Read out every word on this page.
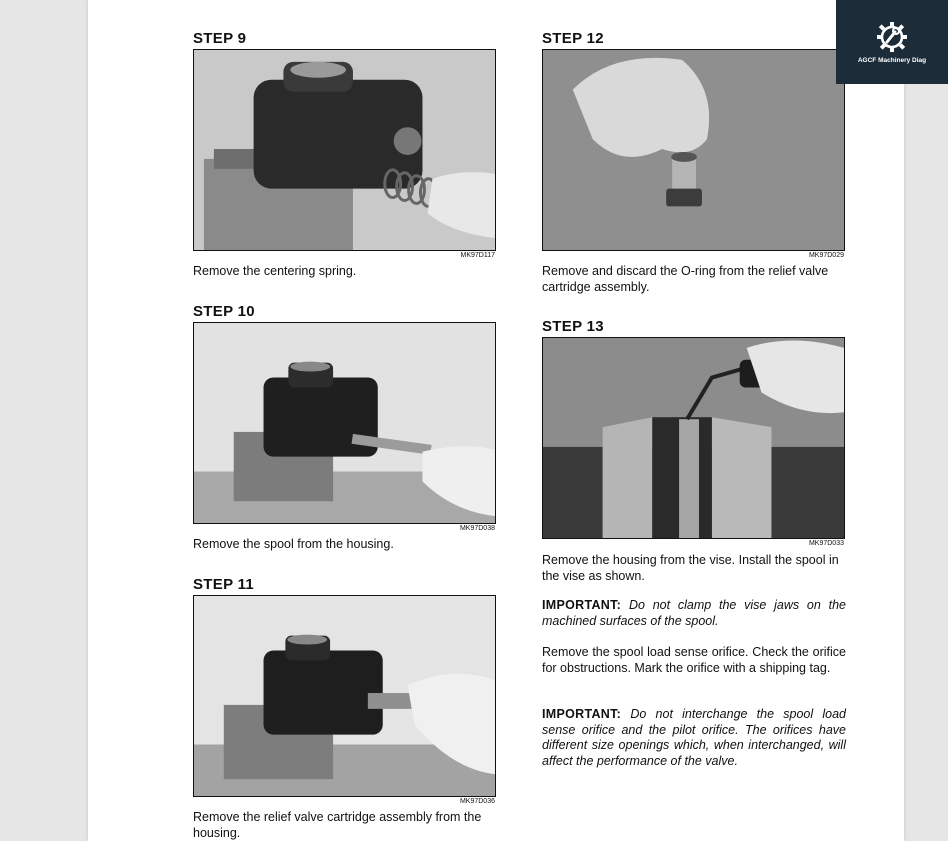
STEP 9
MK97D117

Remove the centering spring.

STEP 10
MK97D038

Remove the spool from the housing.

STEP 11
MK97D036

Remove the relief valve cartridge assembly from the housing.

STEP 12
MK97D029

Remove and discard the O-ring from the relief valve cartridge assembly.

STEP 13
MK97D033

Remove the housing from the vise. Install the spool in the vise as shown.

IMPORTANT: Do not clamp the vise jaws on the machined surfaces of the spool.

Remove the spool load sense orifice. Check the orifice for obstructions. Mark the orifice with a shipping tag.

IMPORTANT: Do not interchange the spool load sense orifice and the pilot orifice. The orifices have different size openings which, when interchanged, will affect the performance of the valve.

AGCF Machinery Diag
